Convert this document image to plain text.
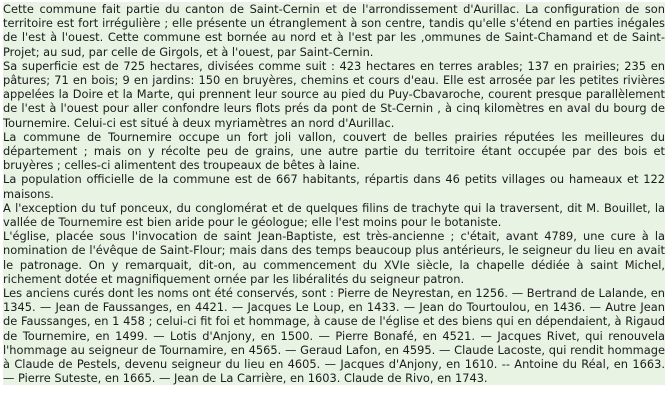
Cette commune fait partie du canton de Saint-Cernin et de l'arrondissement d'Aurillac. La configuration de son territoire est fort irrégulière ; elle présente un étranglement à son centre, tandis qu'elle s'étend en parties inégales de l'est à l'ouest. Cette commune est bornée au nord et à l'est par les ,ommunes de Saint-Chamand et de Saint-Projet; au sud, par celle de Girgols, et à l'ouest, par Saint-Cernin.

Sa superficie est de 725 hectares, divisées comme suit : 423 hectares en terres arables; 137 en prairies; 235 en pâtures; 71 en bois; 9 en jardins: 150 en bruyères, chemins et cours d'eau. Elle est arrosée par les petites rivières appelées la Doire et la Marte, qui prennent leur source au pied du Puy-Cbavaroche, courent presque parallèlement de l'est à l'ouest pour aller confondre leurs flots prés da pont de St-Cernin , à cinq kilomètres en aval du bourg de Tournemire. Celui-ci est situé à deux myriamètres an nord d'Aurillac.

La commune de Tournemire occupe un fort joli vallon, couvert de belles prairies réputées les meilleures du département ; mais on y récolte peu de grains, une autre partie du territoire étant occupée par des bois et bruyères ; celles-ci alimentent des troupeaux de bêtes à laine.

La population officielle de la commune est de 667 habitants, répartis dans 46 petits villages ou hameaux et 122 maisons.

A l'exception du tuf ponceux, du conglomérat et de quelques filins de trachyte qui la traversent, dit M. Bouillet, la vallée de Tournemire est bien aride pour le géologue; elle l'est moins pour le botaniste.

L'église, placée sous l'invocation de saint Jean-Baptiste, est très-ancienne ; c'était, avant 4789, une cure à la nomination de l'évêque de Saint-Flour; mais dans des temps beaucoup plus antérieurs, le seigneur du lieu en avait le patronage. On y remarquait, dit-on, au commencement du XVIe siècle, la chapelle dédiée à saint Michel, richement dotée et magnifiquement ornée par les libéralités du seigneur patron.

Les anciens curés dont les noms ont été conservés, sont : Pierre de Neyrestan, en 1256. — Bertrand de Lalande, en 1345. — Jean de Faussanges, en 4421. — Jacques Le Loup, en 1433. — Jean do Tourtoulou, en 1436. — Autre Jean de Faussanges, en 1 458 ; celui-ci fit foi et hommage, à cause de l'église et des biens qui en dépendaient, à Rigaud de Tournemire, en 1499. — Lotis d'Anjony, en 1500. — Pierre Bonafé, en 4521. — Jacques Rivet, qui renouvela l'hommage au seigneur de Tournamire, en 4565. — Geraud Lafon, en 4595. — Claude Lacoste, qui rendit hommage à Claude de Pestels, devenu seigneur du lieu en 4605. — Jacques d'Anjony, en 1610. -- Antoine du Réal, en 1663. — Pierre Suteste, en 1665. — Jean de La Carrière, en 1603. Claude de Rivo, en 1743.
